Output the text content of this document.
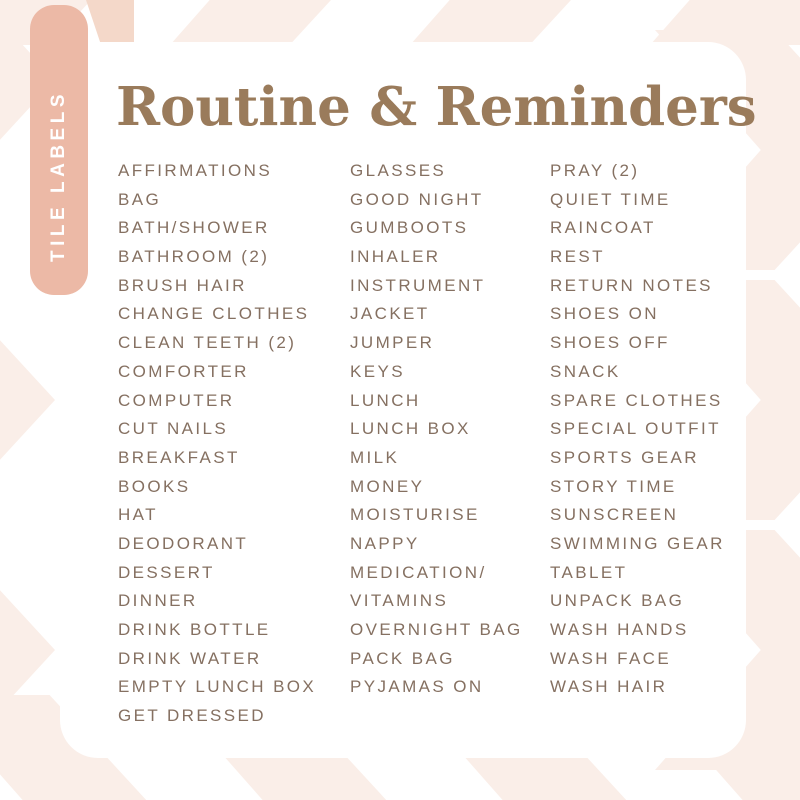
Routine & Reminders
AFFIRMATIONS
BAG
BATH/SHOWER
BATHROOM (2)
BRUSH HAIR
CHANGE CLOTHES
CLEAN TEETH (2)
COMFORTER
COMPUTER
CUT NAILS
BREAKFAST
BOOKS
HAT
DEODORANT
DESSERT
DINNER
DRINK BOTTLE
DRINK WATER
EMPTY LUNCH BOX
GET DRESSED
GLASSES
GOOD NIGHT
GUMBOOTS
INHALER
INSTRUMENT
JACKET
JUMPER
KEYS
LUNCH
LUNCH BOX
MILK
MONEY
MOISTURISE
NAPPY
MEDICATION/
VITAMINS
OVERNIGHT BAG
PACK BAG
PYJAMAS ON
PRAY (2)
QUIET TIME
RAINCOAT
REST
RETURN NOTES
SHOES ON
SHOES OFF
SNACK
SPARE CLOTHES
SPECIAL OUTFIT
SPORTS GEAR
STORY TIME
SUNSCREEN
SWIMMING GEAR
TABLET
UNPACK BAG
WASH HANDS
WASH FACE
WASH HAIR
TILE LABELS
